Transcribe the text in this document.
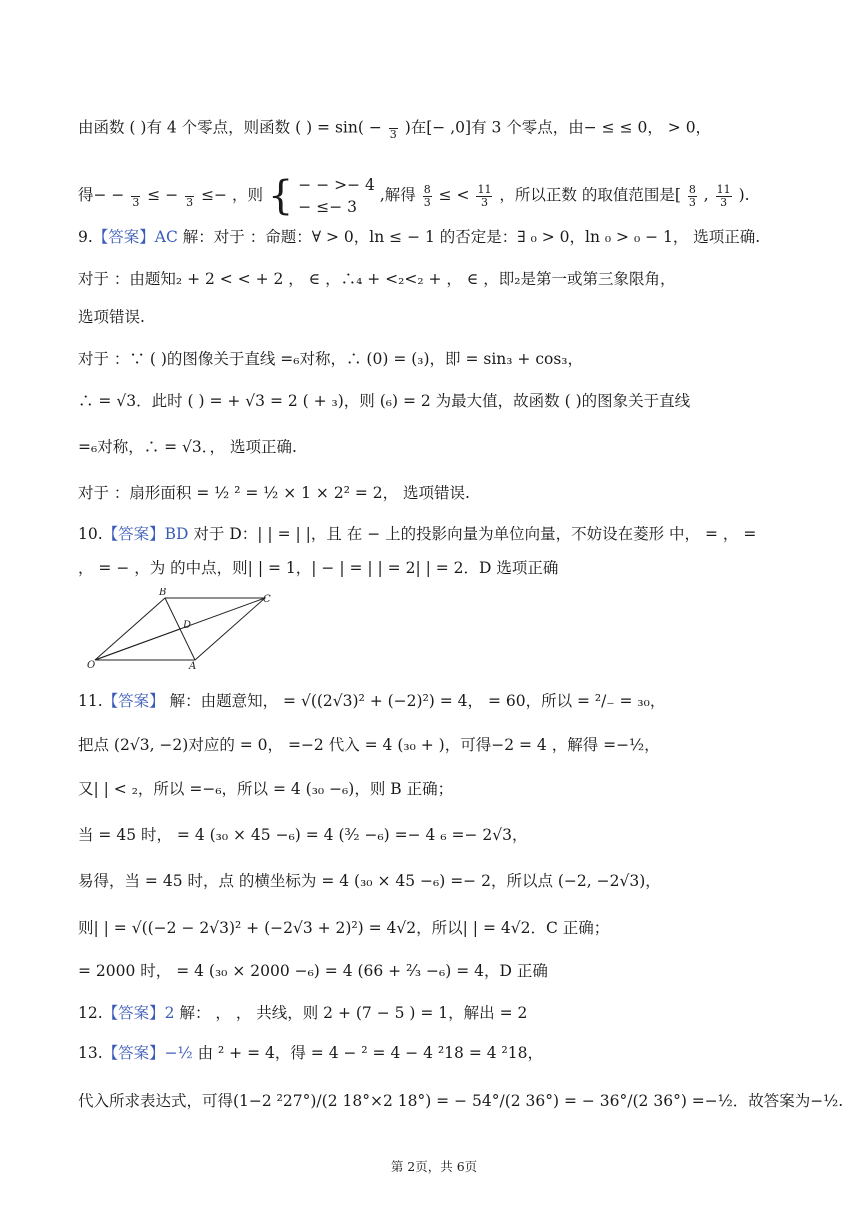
由函数 ( )有 4 个零点，则函数 ( ) = sin( −
3 )在[− ,0]有 3 个零点，由− ≤ ≤ 0， > 0，
得− −
3 ≤ −
3 ≤− ，则 { − − >− 4
− ≤− 3
,解得 $\frac{8}{3}$ ≤ < $\frac{11}{3}$ ，所以正数 的取值范围是[ $\frac{8}{3}$ , $\frac{11}{3}$ ).
9.【答案】AC 解：对于 ：命题：∀ > 0，ln ≤ − 1 的否定是：∃ ₀ > 0，ln ₀ > ₀ − 1， 选项正确.
对于 ：由题知₂ + 2 < < + 2 ， ∈ ，∴₄ + <₂<₂ + ， ∈ ，即₂是第一或第三象限角，
选项错误.
对于 ：∵ ( )的图像关于直线 =₆对称，∴ (0) = (₃)，即 = sin₃ + cos₃，
∴ = √3．此时 ( ) = + √3 = 2 ( + ₃)，则 (₆) = 2 为最大值，故函数 ( )的图象关于直线
=₆对称，∴ = √3．， 选项正确.
对于 ：扇形面积 = ½ ² = ½ × 1 × 2² = 2， 选项错误.
10.【答案】BD 对于 D：| | = | |，且 在 − 上的投影向量为单位向量，不妨设在菱形 中， = ， =
， = − ，为 的中点，则| | = 1，| − | = | | = 2| | = 2．D 选项正确
B
C
D
O	A
11.【答案】 解：由题意知， = √((2√3)² + (−2)²) = 4， = 60，所以 = ²/₋ = ₃₀，
把点 (2√3, −2)对应的 = 0， =−2 代入 = 4 (₃₀ + )，可得−2 = 4 ，解得 =−½，
又| | < ₂，所以 =−₆，所以 = 4 (₃₀ −₆)，则 B 正确；
当 = 45 时， = 4 (₃₀ × 45 −₆) = 4 (³⁄₂ −₆) =− 4 ₆ =− 2√3，
易得，当 = 45 时，点 的横坐标为 = 4 (₃₀ × 45 −₆) =− 2，所以点 (−2, −2√3)，
则| | = √((−2 − 2√3)² + (−2√3 + 2)²) = 4√2，所以| | = 4√2．C 正确；
= 2000 时， = 4 (₃₀ × 2000 −₆) = 4 (66 + ²⁄₃ −₆) = 4，D 正确
12.【答案】2 解： ， ， 共线，则 2 + (7 − 5 ) = 1，解出 = 2
13.【答案】−½ 由 ² + = 4，得 = 4 − ² = 4 − 4 ²18 = 4 ²18，
代入所求表达式，可得(1−2 ²27°)/(2 18°×2 18°) = − 54°/(2 36°) = − 36°/(2 36°) =−½．故答案为−½.
第 2页，共 6页
